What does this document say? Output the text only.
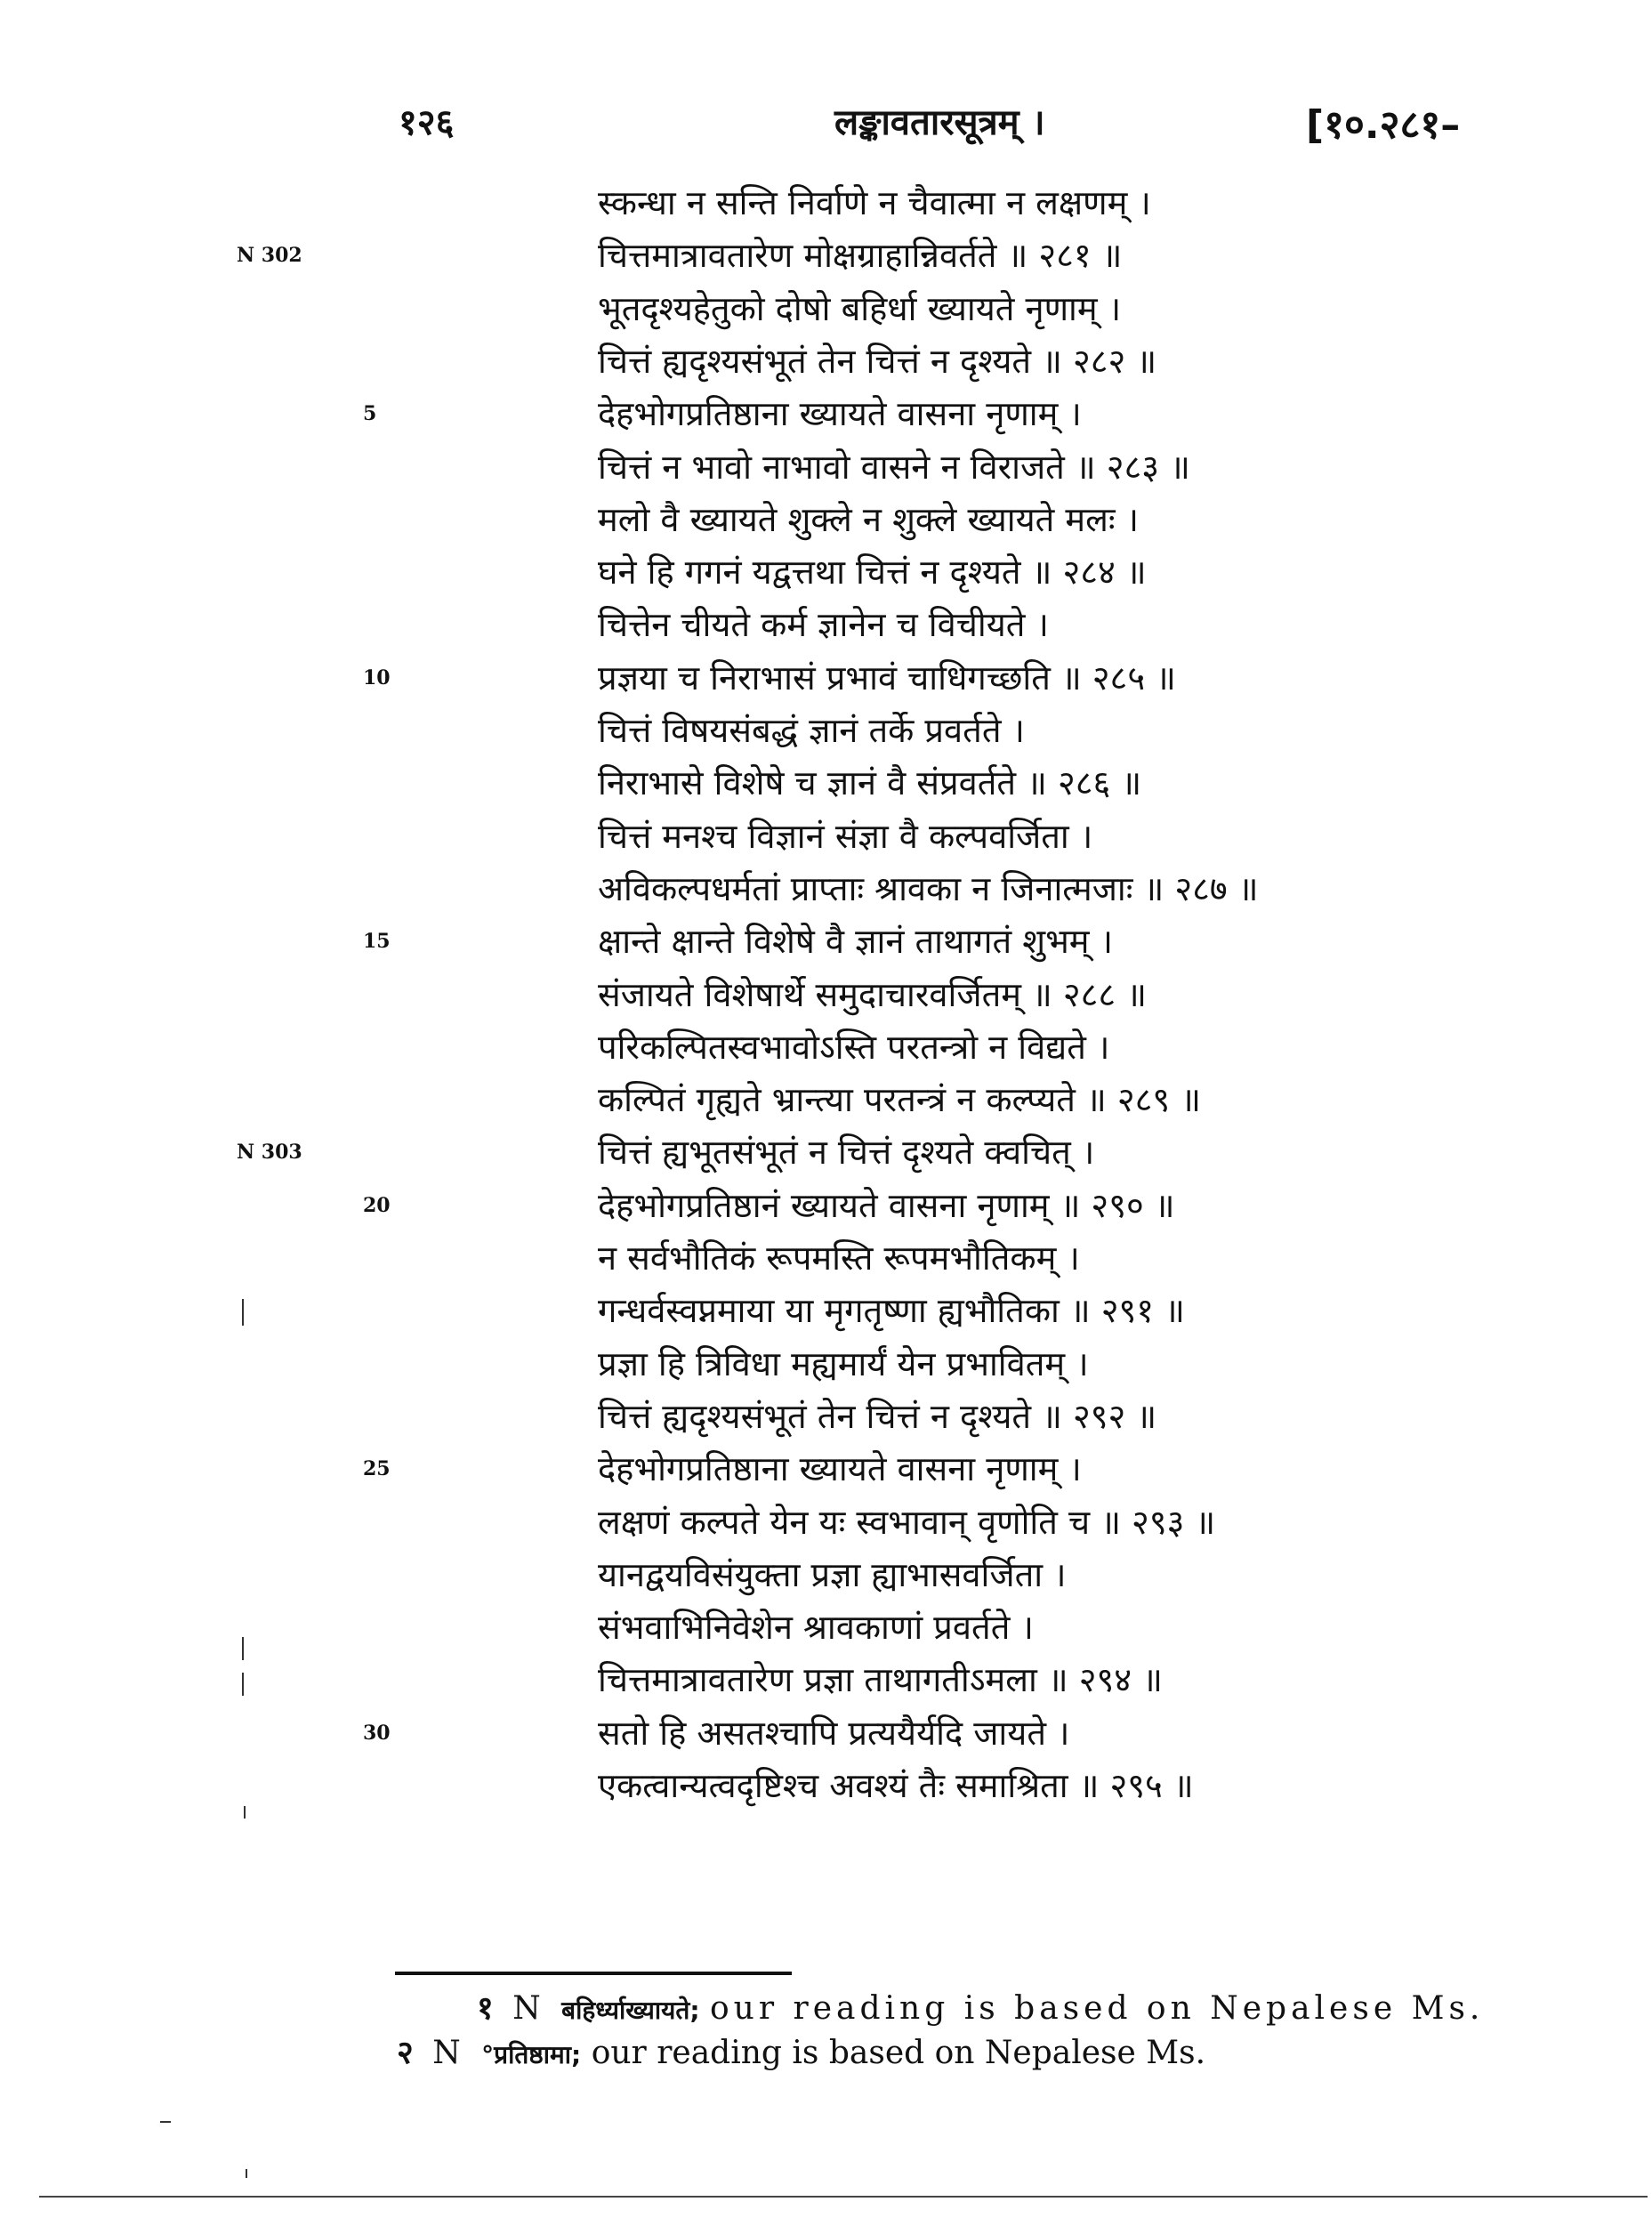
१२६	लङ्कावतारसूत्रम् ।	[१०.२८१–
स्कन्धा न सन्ति निर्वाणे न चैवात्मा न लक्षणम् ।
चित्तमात्रावतारेण मोक्षग्राहान्निवर्तते ॥ २८१ ॥
N 302
भूतदृश्यहेतुको दोषो बहिर्धा ख्यायते नृणाम् ।
चित्तं ह्यदृश्यसंभूतं तेन चित्तं न दृश्यते ॥ २८२ ॥
देहभोगप्रतिष्ठाना ख्यायते वासना नृणाम् ।
5
चित्तं न भावो नाभावो वासने न विराजते ॥ २८३ ॥
मलो वै ख्यायते शुक्ले न शुक्ले ख्यायते मलः ।
घने हि गगनं यद्वत्तथा चित्तं न दृश्यते ॥ २८४ ॥
चित्तेन चीयते कर्म ज्ञानेन च विचीयते ।
प्रज्ञया च निराभासं प्रभावं चाधिगच्छति ॥ २८५ ॥
10
चित्तं विषयसंबद्धं ज्ञानं तर्के प्रवर्तते ।
निराभासे विशेषे च ज्ञानं वै संप्रवर्तते ॥ २८६ ॥
चित्तं मनश्च विज्ञानं संज्ञा वै कल्पवर्जिता ।
अविकल्पधर्मतां प्राप्ताः श्रावका न जिनात्मजाः ॥ २८७ ॥
क्षान्ते क्षान्ते विशेषे वै ज्ञानं ताथागतं शुभम् ।
15
संजायते विशेषार्थे समुदाचारवर्जितम् ॥ २८८ ॥
परिकल्पितस्वभावोऽस्ति परतन्त्रो न विद्यते ।
कल्पितं गृह्यते भ्रान्त्या परतन्त्रं न कल्प्यते ॥ २८९ ॥
चित्तं ह्यभूतसंभूतं न चित्तं दृश्यते क्वचित् ।
N 303
देहभोगप्रतिष्ठानं ख्यायते वासना नृणाम् ॥ २९० ॥
20
न सर्वभौतिकं रूपमस्ति रूपमभौतिकम् ।
गन्धर्वस्वप्नमाया या मृगतृष्णा ह्यभौतिका ॥ २९१ ॥
प्रज्ञा हि त्रिविधा मह्यमार्यं येन प्रभावितम् ।
चित्तं ह्यदृश्यसंभूतं तेन चित्तं न दृश्यते ॥ २९२ ॥
देहभोगप्रतिष्ठाना ख्यायते वासना नृणाम् ।
25
लक्षणं कल्पते येन यः स्वभावान् वृणोति च ॥ २९३ ॥
यानद्वयविसंयुक्ता प्रज्ञा ह्याभासवर्जिता ।
संभवाभिनिवेशेन श्रावकाणां प्रवर्तते ।
चित्तमात्रावतारेण प्रज्ञा ताथागतीऽमला ॥ २९४ ॥
सतो हि असतश्चापि प्रत्ययैर्यदि जायते ।
30
एकत्वान्यत्वदृष्टिश्च अवश्यं तैः समाश्रिता ॥ २९५ ॥
१ N बहिर्ध्याख्यायते; our reading is based on Nepalese Ms.
२ N °प्रतिष्ठामा; our reading is based on Nepalese Ms.
